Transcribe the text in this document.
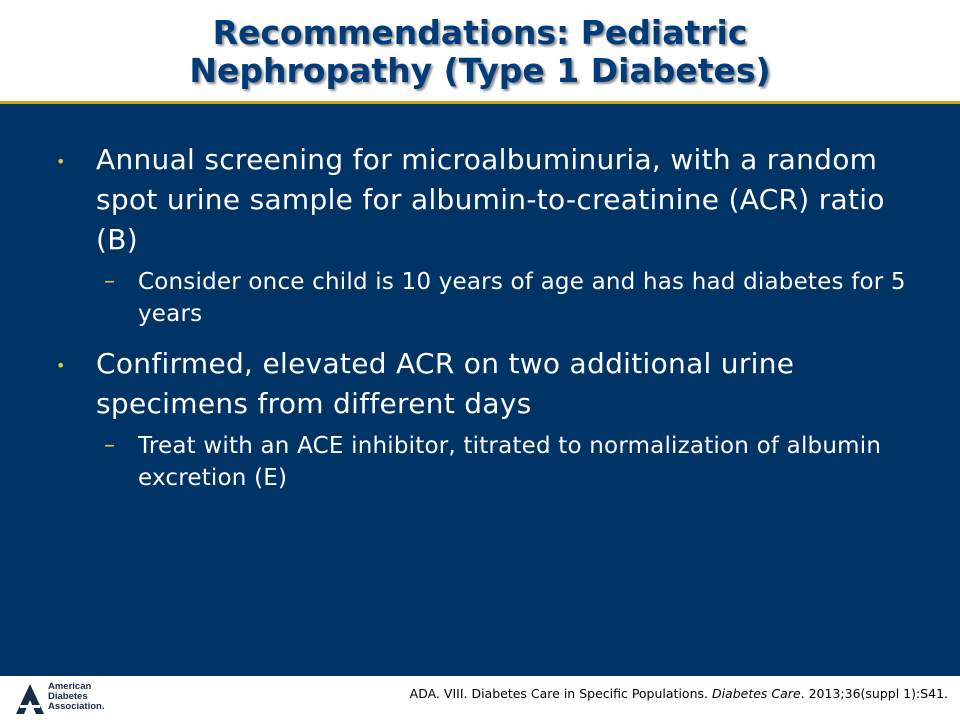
Recommendations: Pediatric
Nephropathy (Type 1 Diabetes)
• Annual screening for microalbuminuria, with a random spot urine sample for albumin-to-creatinine (ACR) ratio (B)
– Consider once child is 10 years of age and has had diabetes for 5 years
• Confirmed, elevated ACR on two additional urine specimens from different days
– Treat with an ACE inhibitor, titrated to normalization of albumin excretion (E)
American
Diabetes
Association.
ADA. VIII. Diabetes Care in Specific Populations. Diabetes Care. 2013;36(suppl 1):S41.
